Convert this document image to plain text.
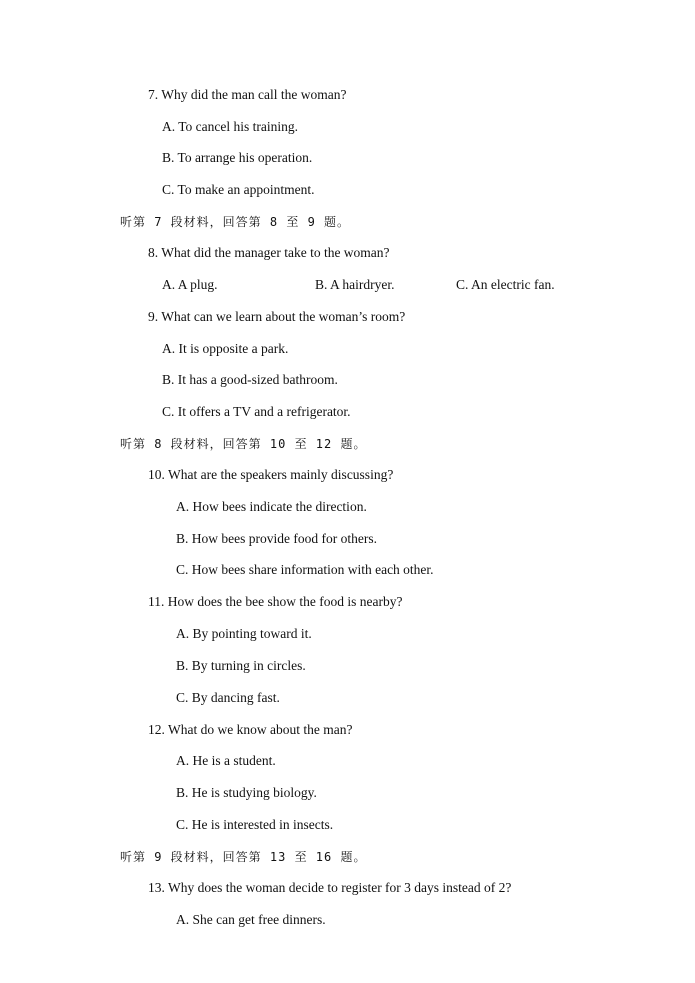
7. Why did the man call the woman?
A. To cancel his training.
B. To arrange his operation.
C. To make an appointment.
听第 7 段材料，回答第 8 至 9 题。
8. What did the manager take to the woman?
A. A plug.	B. A hairdryer.	C. An electric fan.
9. What can we learn about the woman’s room?
A. It is opposite a park.
B. It has a good-sized bathroom.
C. It offers a TV and a refrigerator.
听第 8 段材料，回答第 10 至 12 题。
10. What are the speakers mainly discussing?
A. How bees indicate the direction.
B. How bees provide food for others.
C. How bees share information with each other.
11. How does the bee show the food is nearby?
A. By pointing toward it.
B. By turning in circles.
C. By dancing fast.
12. What do we know about the man?
A. He is a student.
B. He is studying biology.
C. He is interested in insects.
听第 9 段材料，回答第 13 至 16 题。
13. Why does the woman decide to register for 3 days instead of 2?
A. She can get free dinners.
